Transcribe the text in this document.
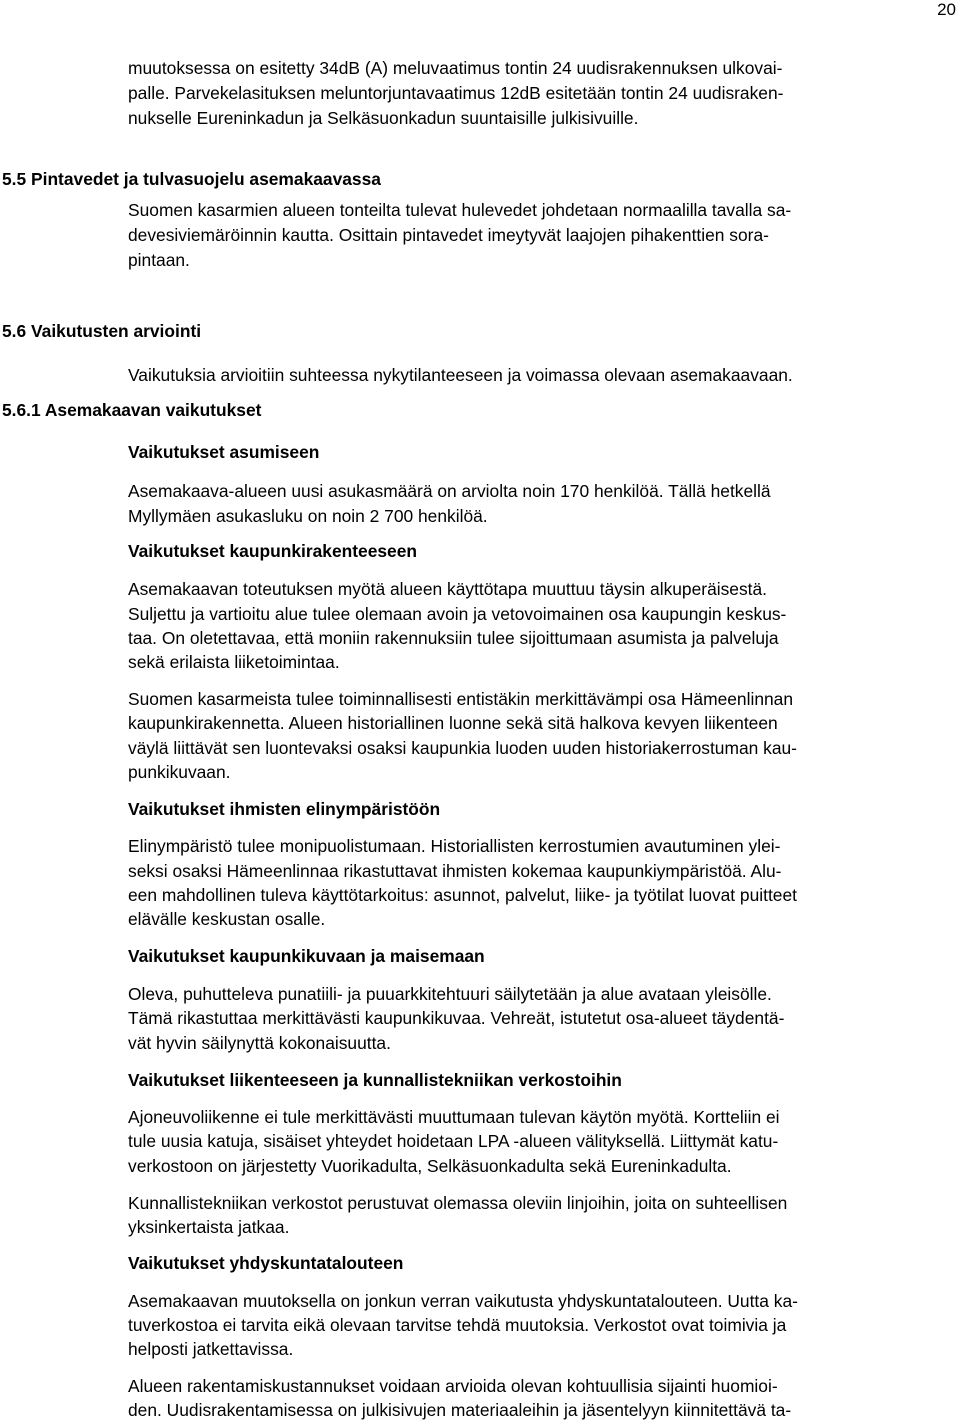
20
muutoksessa on esitetty 34dB (A) meluvaatimus tontin 24 uudisrakennuksen ulkovai-
palle. Parvekelasituksen meluntorjuntavaatimus 12dB esitetään tontin 24 uudisraken-
nukselle Eureninkadun ja Selkäsuonkadun suuntaisille julkisivuille.
5.5 Pintavedet ja tulvasuojelu asemakaavassa
Suomen kasarmien alueen tonteilta tulevat hulevedet johdetaan normaalilla tavalla sa-
devesiviemäröinnin kautta. Osittain pintavedet imeytyvät laajojen pihakenttien sora-
pintaan.
5.6 Vaikutusten arviointi
Vaikutuksia arvioitiin suhteessa nykytilanteeseen ja voimassa olevaan asemakaavaan.
5.6.1 Asemakaavan vaikutukset
Vaikutukset asumiseen
Asemakaava-alueen uusi asukasmäärä on arviolta noin 170 henkilöä. Tällä hetkellä
Myllymäen asukasluku on noin 2 700 henkilöä.
Vaikutukset kaupunkirakenteeseen
Asemakaavan toteutuksen myötä alueen käyttötapa muuttuu täysin alkuperäisestä.
Suljettu ja vartioitu alue tulee olemaan avoin ja vetovoimainen osa kaupungin keskus-
taa. On oletettavaa, että moniin rakennuksiin tulee sijoittumaan asumista ja palveluja
sekä erilaista liiketoimintaa.
Suomen kasarmeista tulee toiminnallisesti entistäkin merkittävämpi osa Hämeenlinnan
kaupunkirakennetta. Alueen historiallinen luonne sekä sitä halkova kevyen liikenteen
väylä liittävät sen luontevaksi osaksi kaupunkia luoden uuden historiakerrostuman kau-
punkikuvaan.
Vaikutukset ihmisten elinympäristöön
Elinympäristö tulee monipuolistumaan. Historiallisten kerrostumien avautuminen ylei-
seksi osaksi Hämeenlinnaa rikastuttavat ihmisten kokemaa kaupunkiympäristöä. Alu-
een mahdollinen tuleva käyttötarkoitus: asunnot, palvelut, liike- ja työtilat luovat puitteet
elävälle keskustan osalle.
Vaikutukset kaupunkikuvaan ja maisemaan
Oleva, puhutteleva punatiili- ja puuarkkitehtuuri säilytetään ja alue avataan yleisölle.
Tämä rikastuttaa merkittävästi kaupunkikuvaa. Vehreät, istutetut osa-alueet täydentä-
vät hyvin säilynyttä kokonaisuutta.
Vaikutukset liikenteeseen ja kunnallistekniikan verkostoihin
Ajoneuvoliikenne ei tule merkittävästi muuttumaan tulevan käytön myötä. Kortteliin ei
tule uusia katuja, sisäiset yhteydet hoidetaan LPA -alueen välityksellä. Liittymät katu-
verkostoon on järjestetty Vuorikadulta, Selkäsuonkadulta sekä Eureninkadulta.
Kunnallistekniikan verkostot perustuvat olemassa oleviin linjoihin, joita on suhteellisen
yksinkertaista jatkaa.
Vaikutukset yhdyskuntatalouteen
Asemakaavan muutoksella on jonkun verran vaikutusta yhdyskuntatalouteen. Uutta ka-
tuverkostoa ei tarvita eikä olevaan tarvitse tehdä muutoksia. Verkostot ovat toimivia ja
helposti jatkettavissa.
Alueen rakentamiskustannukset voidaan arvioida olevan kohtuullisia sijainti huomioi-
den. Uudisrakentamisessa on julkisivujen materiaaleihin ja jäsentelyyn kiinnitettävä ta-
